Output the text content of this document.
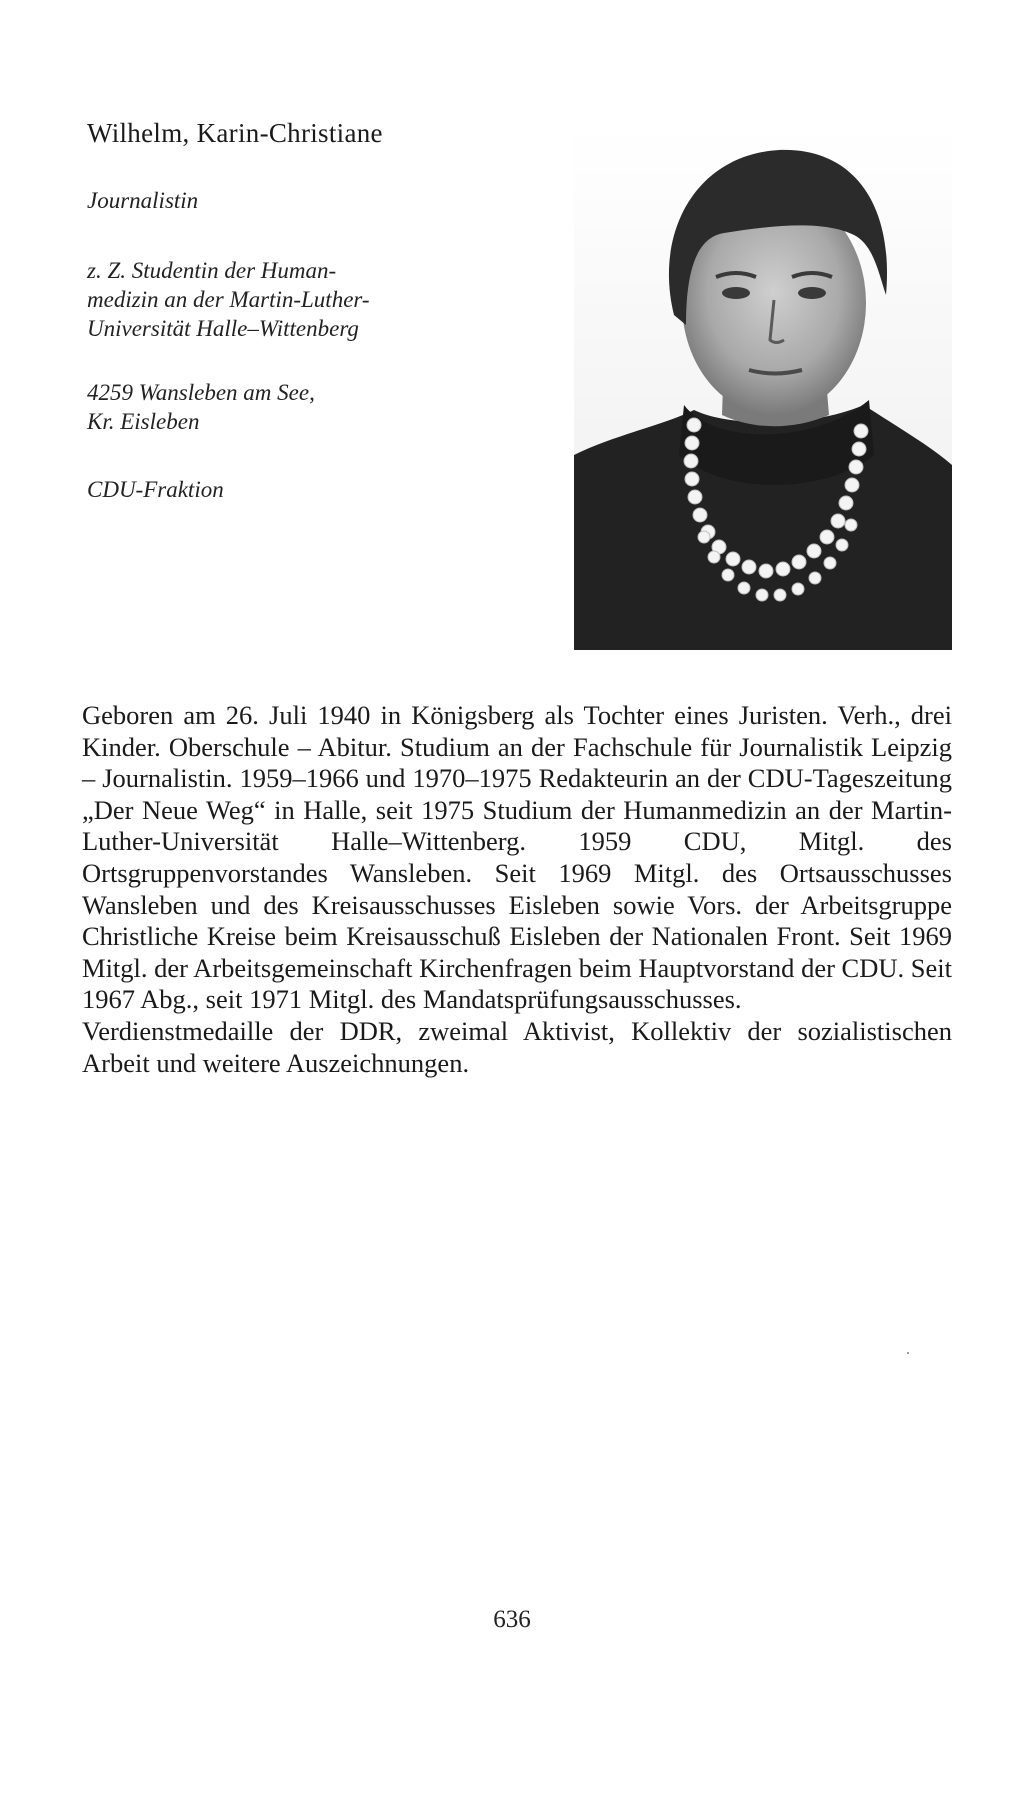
Wilhelm, Karin-Christiane
Journalistin
z. Z. Studentin der Human-
medizin an der Martin-Luther-
Universität Halle–Wittenberg
4259 Wansleben am See,
Kr. Eisleben
CDU-Fraktion

Geboren am 26. Juli 1940 in Königsberg als Tochter eines Juristen. Verh., drei Kinder. Oberschule – Abitur. Studium an der Fachschule für Journalistik Leipzig – Journalistin. 1959–1966 und 1970–1975 Redakteurin an der CDU-Tageszeitung „Der Neue Weg“ in Halle, seit 1975 Studium der Humanmedizin an der Martin-Luther-Universität Halle–Wittenberg. 1959 CDU, Mitgl. des Ortsgruppenvorstandes Wansleben. Seit 1969 Mitgl. des Ortsausschusses Wansleben und des Kreisausschusses Eisleben sowie Vors. der Arbeitsgruppe Christliche Kreise beim Kreisausschuß Eisleben der Nationalen Front. Seit 1969 Mitgl. der Arbeitsgemeinschaft Kirchenfragen beim Hauptvorstand der CDU. Seit 1967 Abg., seit 1971 Mitgl. des Mandatsprüfungsausschusses.

Verdienstmedaille der DDR, zweimal Aktivist, Kollektiv der sozialistischen Arbeit und weitere Auszeichnungen.

636
